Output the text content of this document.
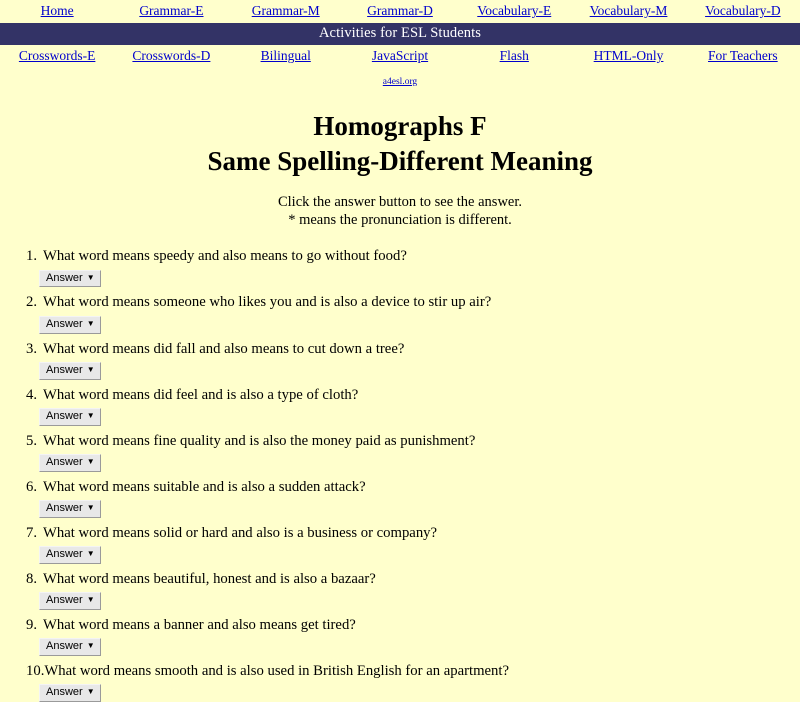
Home	Grammar-E	Grammar-M	Grammar-D	Vocabulary-E	Vocabulary-M	Vocabulary-D
Activities for ESL Students
Crosswords-E	Crosswords-D	Bilingual	JavaScript	Flash	HTML-Only	For Teachers
a4esl.org
Homographs F
Same Spelling-Different Meaning
Click the answer button to see the answer.
* means the pronunciation is different.
1. What word means speedy and also means to go without food?
Answer ▼
2. What word means someone who likes you and is also a device to stir up air?
Answer ▼
3. What word means did fall and also means to cut down a tree?
Answer ▼
4. What word means did feel and is also a type of cloth?
Answer ▼
5. What word means fine quality and is also the money paid as punishment?
Answer ▼
6. What word means suitable and is also a sudden attack?
Answer ▼
7. What word means solid or hard and also is a business or company?
Answer ▼
8. What word means beautiful, honest and is also a bazaar?
Answer ▼
9. What word means a banner and also means get tired?
Answer ▼
10.What word means smooth and is also used in British English for an apartment?
Answer ▼
